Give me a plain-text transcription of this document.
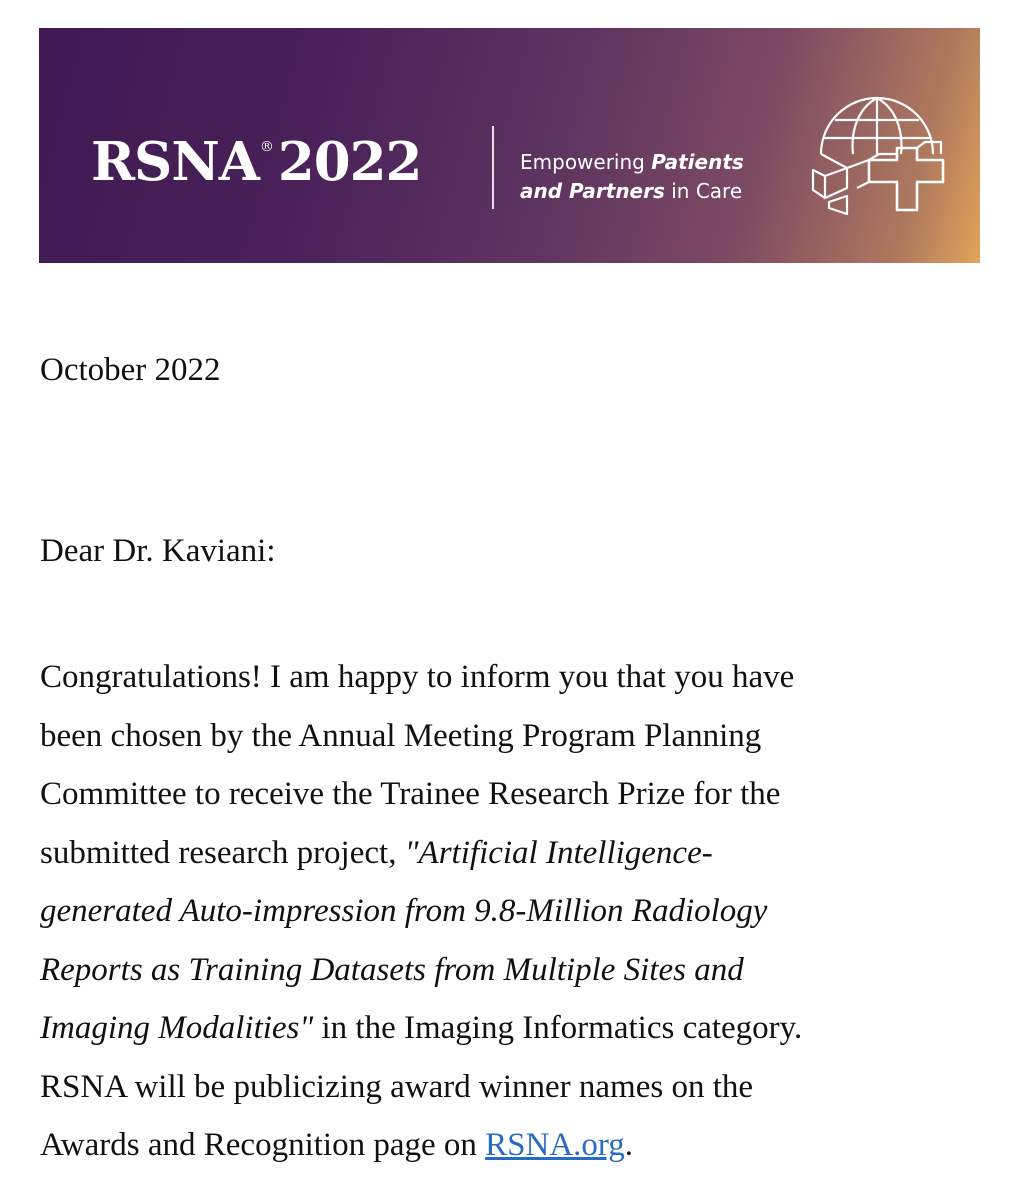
RSNA®2022	Empowering Patients
and Partners in Care
October 2022
Dear Dr. Kaviani:
Congratulations! I am happy to inform you that you have
been chosen by the Annual Meeting Program Planning
Committee to receive the Trainee Research Prize for the
submitted research project, "Artificial Intelligence-
generated Auto-impression from 9.8-Million Radiology
Reports as Training Datasets from Multiple Sites and
Imaging Modalities" in the Imaging Informatics category.
RSNA will be publicizing award winner names on the
Awards and Recognition page on RSNA.org.
